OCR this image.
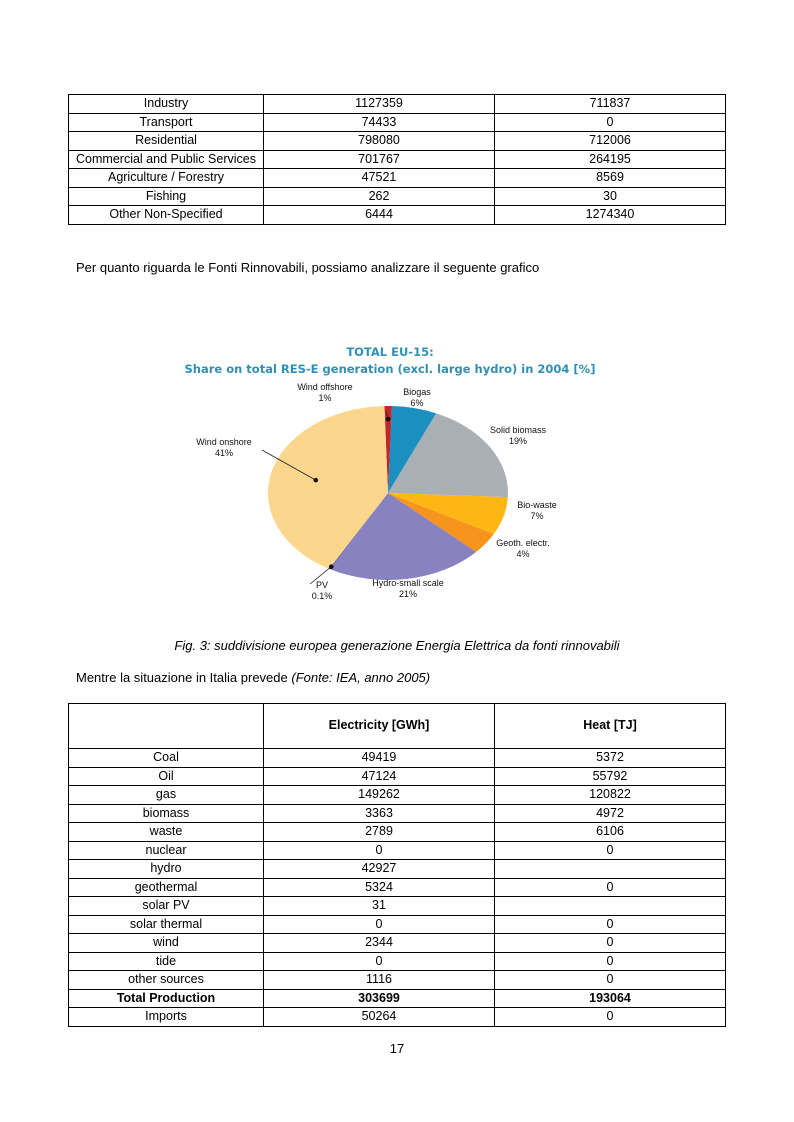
Industry	1127359	711837
Transport	74433	0
Residential	798080	712006
Commercial and Public Services	701767	264195
Agriculture / Forestry	47521	8569
Fishing	262	30
Other Non-Specified	6444	1274340
Per quanto riguarda le Fonti Rinnovabili, possiamo analizzare il seguente grafico
TOTAL EU-15:
Share on total RES-E generation (excl. large hydro) in 2004 [%]
Wind offshore 1%
Biogas 6%
Solid biomass 19%
Bio-waste 7%
Geoth. electr. 4%
Hydro-small scale 21%
PV 0.1%
Wind onshore 41%
Fig. 3: suddivisione europea generazione Energia Elettrica da fonti rinnovabili
Mentre la situazione in Italia prevede (Fonte: IEA, anno 2005)
	Electricity [GWh]	Heat [TJ]
Coal	49419	5372
Oil	47124	55792
gas	149262	120822
biomass	3363	4972
waste	2789	6106
nuclear	0	0
hydro	42927	
geothermal	5324	0
solar PV	31	
solar thermal	0	0
wind	2344	0
tide	0	0
other sources	1116	0
Total Production	303699	193064
Imports	50264	0
17
